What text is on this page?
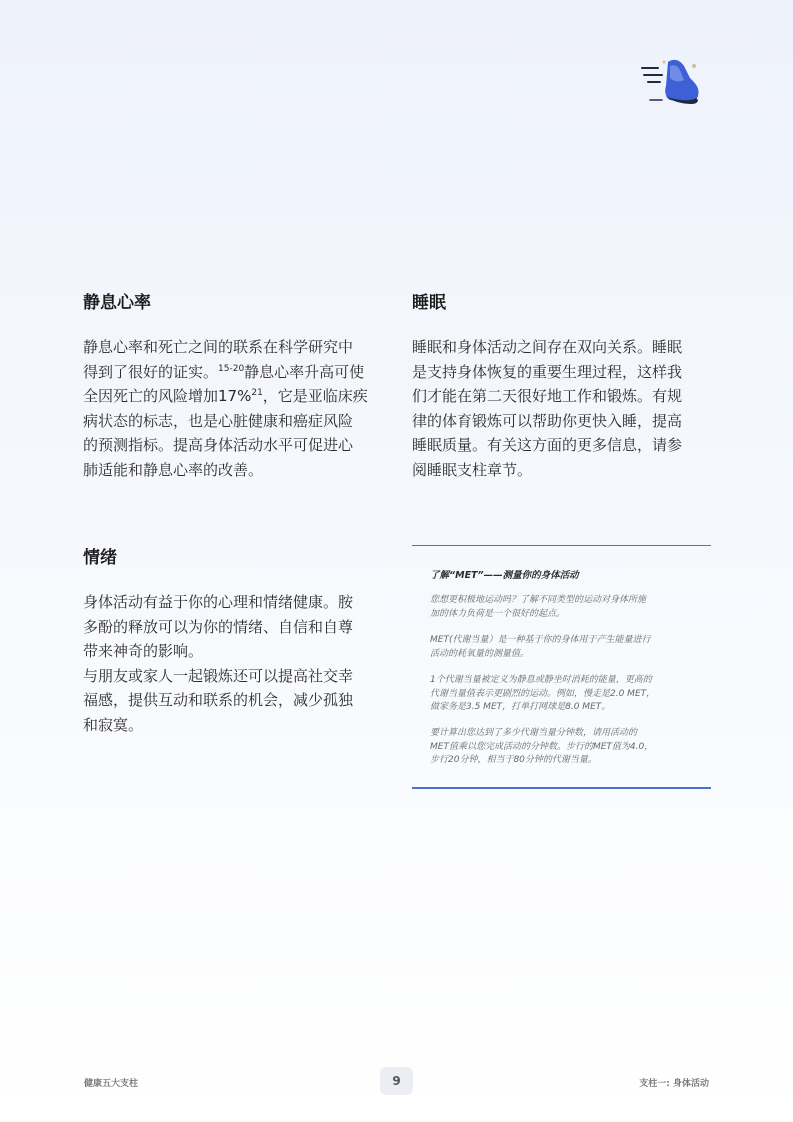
静息心率

静息心率和死亡之间的联系在科学研究中
得到了很好的证实。$^{15-20}$静息心率升高可使
全因死亡的风险增加17%$^{21}$，它是亚临床疾
病状态的标志，也是心脏健康和癌症风险
的预测指标。提高身体活动水平可促进心
肺适能和静息心率的改善。

睡眠

睡眠和身体活动之间存在双向关系。睡眠
是支持身体恢复的重要生理过程，这样我
们才能在第二天很好地工作和锻炼。有规
律的体育锻炼可以帮助你更快入睡，提高
睡眠质量。有关这方面的更多信息，请参
阅睡眠支柱章节。

情绪

身体活动有益于你的心理和情绪健康。胺
多酚的释放可以为你的情绪、自信和自尊
带来神奇的影响。
与朋友或家人一起锻炼还可以提高社交幸
福感，提供互动和联系的机会，减少孤独
和寂寞。

了解“MET”——测量你的身体活动

您想更积极地运动吗？了解不同类型的运动对身体所施
加的体力负荷是一个很好的起点。

MET(代谢当量）是一种基于你的身体用于产生能量进行
活动的耗氧量的测量值。

1个代谢当量被定义为静息或静坐时消耗的能量，更高的
代谢当量值表示更剧烈的运动。例如，慢走是2.0 MET，
做家务是3.5 MET，打单打网球是8.0 MET。

要计算出您达到了多少代谢当量分钟数，请用活动的
MET值乘以您完成活动的分钟数。步行的MET值为4.0，
步行20分钟，相当于80分钟的代谢当量。

健康五大支柱	9	支柱一: 身体活动
